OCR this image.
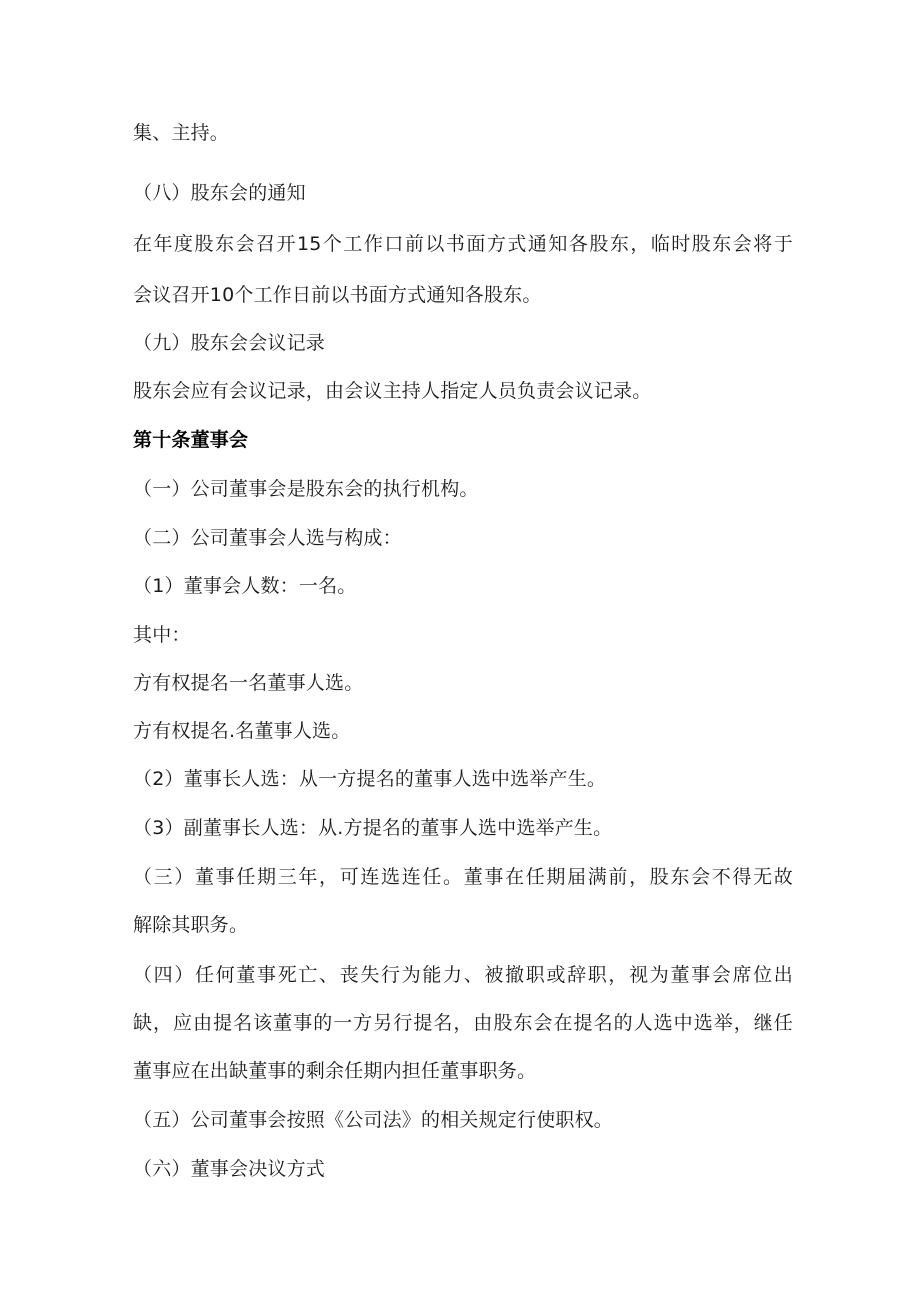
集、主持。
（八）股东会的通知
在年度股东会召开15个工作口前以书面方式通知各股东，临时股东会将于
会议召开10个工作日前以书面方式通知各股东。
（九）股东会会议记录
股东会应有会议记录，由会议主持人指定人员负责会议记录。
第十条董事会
（一）公司董事会是股东会的执行机构。
（二）公司董事会人选与构成：
（1）董事会人数：一名。
其中：
方有权提名一名董事人选。
方有权提名.名董事人选。
（2）董事长人选：从一方提名的董事人选中选举产生。
（3）副董事长人选：从.方提名的董事人选中选举产生。
（三）董事任期三年，可连选连任。董事在任期届满前，股东会不得无故
解除其职务。
（四）任何董事死亡、丧失行为能力、被撤职或辞职，视为董事会席位出
缺，应由提名该董事的一方另行提名，由股东会在提名的人选中选举，继任
董事应在出缺董事的剩余任期内担任董事职务。
（五）公司董事会按照《公司法》的相关规定行使职权。
（六）董事会决议方式
